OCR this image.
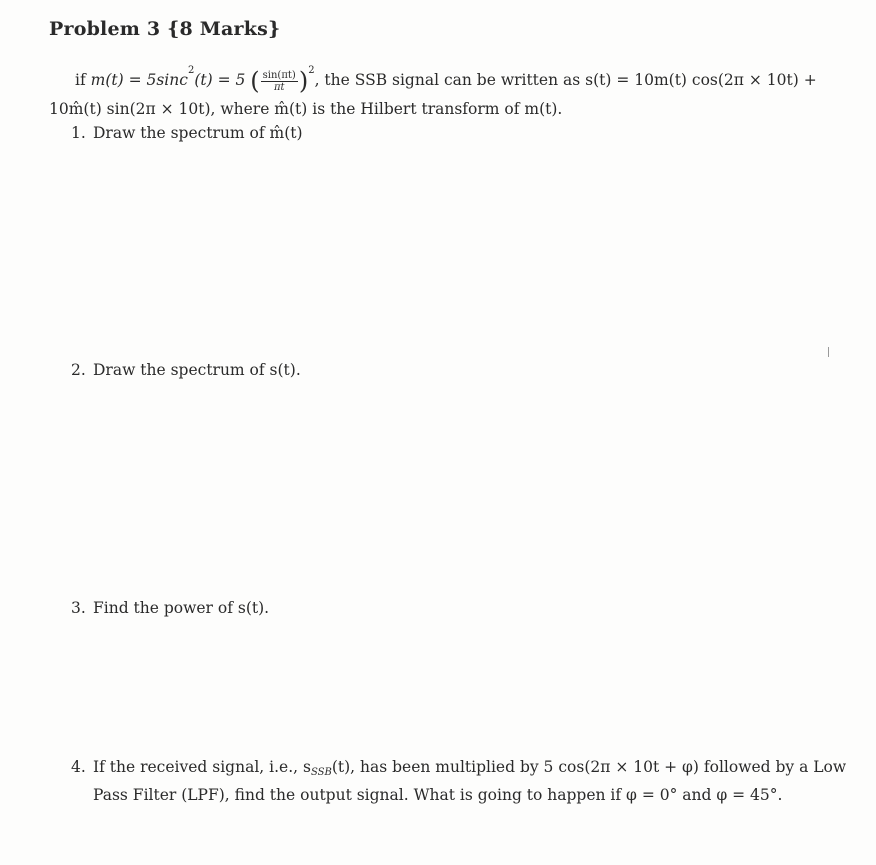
Problem 3 {8 Marks}
if m(t) = 5sinc$^2$(t) = 5 ( $\frac{\sin(\pi t)}{\pi t} )^2$, the SSB signal can be written as s(t) = 10m(t) cos(2π × 10t) +
10m̂(t) sin(2π × 10t), where m̂(t) is the Hilbert transform of m(t).
1. Draw the spectrum of m̂(t)
2. Draw the spectrum of s(t).
3. Find the power of s(t).
4. If the received signal, i.e., $s_{SSB}(t)$, has been multiplied by 5 cos(2π × 10t + φ) followed by a Low
Pass Filter (LPF), find the output signal. What is going to happen if φ = 0° and φ = 45°.
